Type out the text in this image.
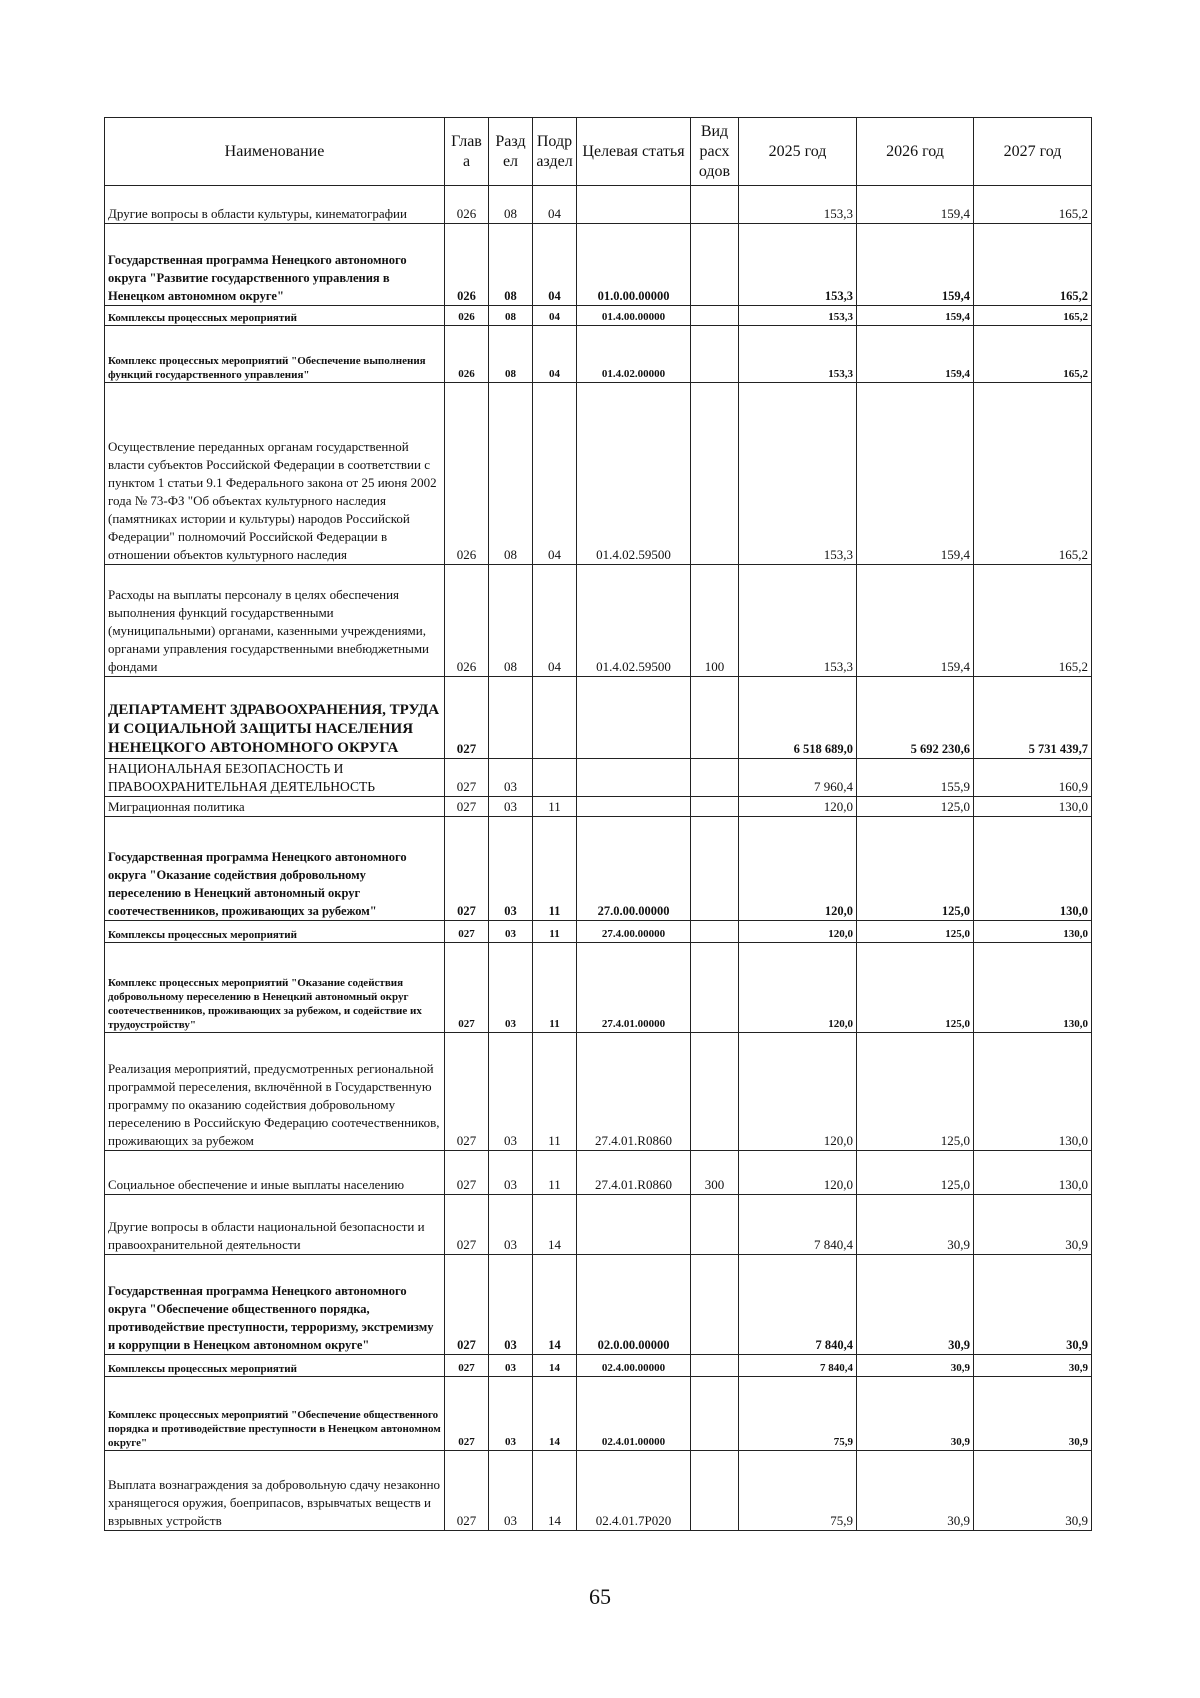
Наименование	Глав а	Разд ел	Подр аздел	Целевая статья	Вид расх одов	2025 год	2026 год	2027 год
Другие вопросы в области культуры, кинематографии	026	08	04			153,3	159,4	165,2
Государственная программа Ненецкого автономного округа "Развитие государственного управления в Ненецком автономном округе"	026	08	04	01.0.00.00000		153,3	159,4	165,2
Комплексы процессных мероприятий	026	08	04	01.4.00.00000		153,3	159,4	165,2
Комплекс процессных мероприятий "Обеспечение выполнения функций государственного управления"	026	08	04	01.4.02.00000		153,3	159,4	165,2
Осуществление переданных органам государственной власти субъектов Российской Федерации в соответствии с пунктом 1 статьи 9.1 Федерального закона от 25 июня 2002 года № 73-ФЗ "Об объектах культурного наследия (памятниках истории и культуры) народов Российской Федерации" полномочий Российской Федерации в отношении объектов культурного наследия	026	08	04	01.4.02.59500		153,3	159,4	165,2
Расходы на выплаты персоналу в целях обеспечения выполнения функций государственными (муниципальными) органами, казенными учреждениями, органами управления государственными внебюджетными фондами	026	08	04	01.4.02.59500	100	153,3	159,4	165,2
ДЕПАРТАМЕНТ ЗДРАВООХРАНЕНИЯ, ТРУДА И СОЦИАЛЬНОЙ ЗАЩИТЫ НАСЕЛЕНИЯ НЕНЕЦКОГО АВТОНОМНОГО ОКРУГА	027					6 518 689,0	5 692 230,6	5 731 439,7
НАЦИОНАЛЬНАЯ БЕЗОПАСНОСТЬ И ПРАВООХРАНИТЕЛЬНАЯ ДЕЯТЕЛЬНОСТЬ	027	03				7 960,4	155,9	160,9
Миграционная политика	027	03	11			120,0	125,0	130,0
Государственная программа Ненецкого автономного округа "Оказание содействия добровольному переселению в Ненецкий автономный округ соотечественников, проживающих за рубежом"	027	03	11	27.0.00.00000		120,0	125,0	130,0
Комплексы процессных мероприятий	027	03	11	27.4.00.00000		120,0	125,0	130,0
Комплекс процессных мероприятий "Оказание содействия добровольному переселению в Ненецкий автономный округ соотечественников, проживающих за рубежом, и содействие их трудоустройству"	027	03	11	27.4.01.00000		120,0	125,0	130,0
Реализация мероприятий, предусмотренных региональной программой переселения, включённой в Государственную программу по оказанию содействия добровольному переселению в Российскую Федерацию соотечественников, проживающих за рубежом	027	03	11	27.4.01.R0860		120,0	125,0	130,0
Социальное обеспечение и иные выплаты населению	027	03	11	27.4.01.R0860	300	120,0	125,0	130,0
Другие вопросы в области национальной безопасности и правоохранительной деятельности	027	03	14			7 840,4	30,9	30,9
Государственная программа Ненецкого автономного округа "Обеспечение общественного порядка, противодействие преступности, терроризму, экстремизму и коррупции в Ненецком автономном округе"	027	03	14	02.0.00.00000		7 840,4	30,9	30,9
Комплексы процессных мероприятий	027	03	14	02.4.00.00000		7 840,4	30,9	30,9
Комплекс процессных мероприятий "Обеспечение общественного порядка и противодействие преступности в Ненецком автономном округе"	027	03	14	02.4.01.00000		75,9	30,9	30,9
Выплата вознаграждения за добровольную сдачу незаконно хранящегося оружия, боеприпасов, взрывчатых веществ и взрывных устройств	027	03	14	02.4.01.7Р020		75,9	30,9	30,9
65
